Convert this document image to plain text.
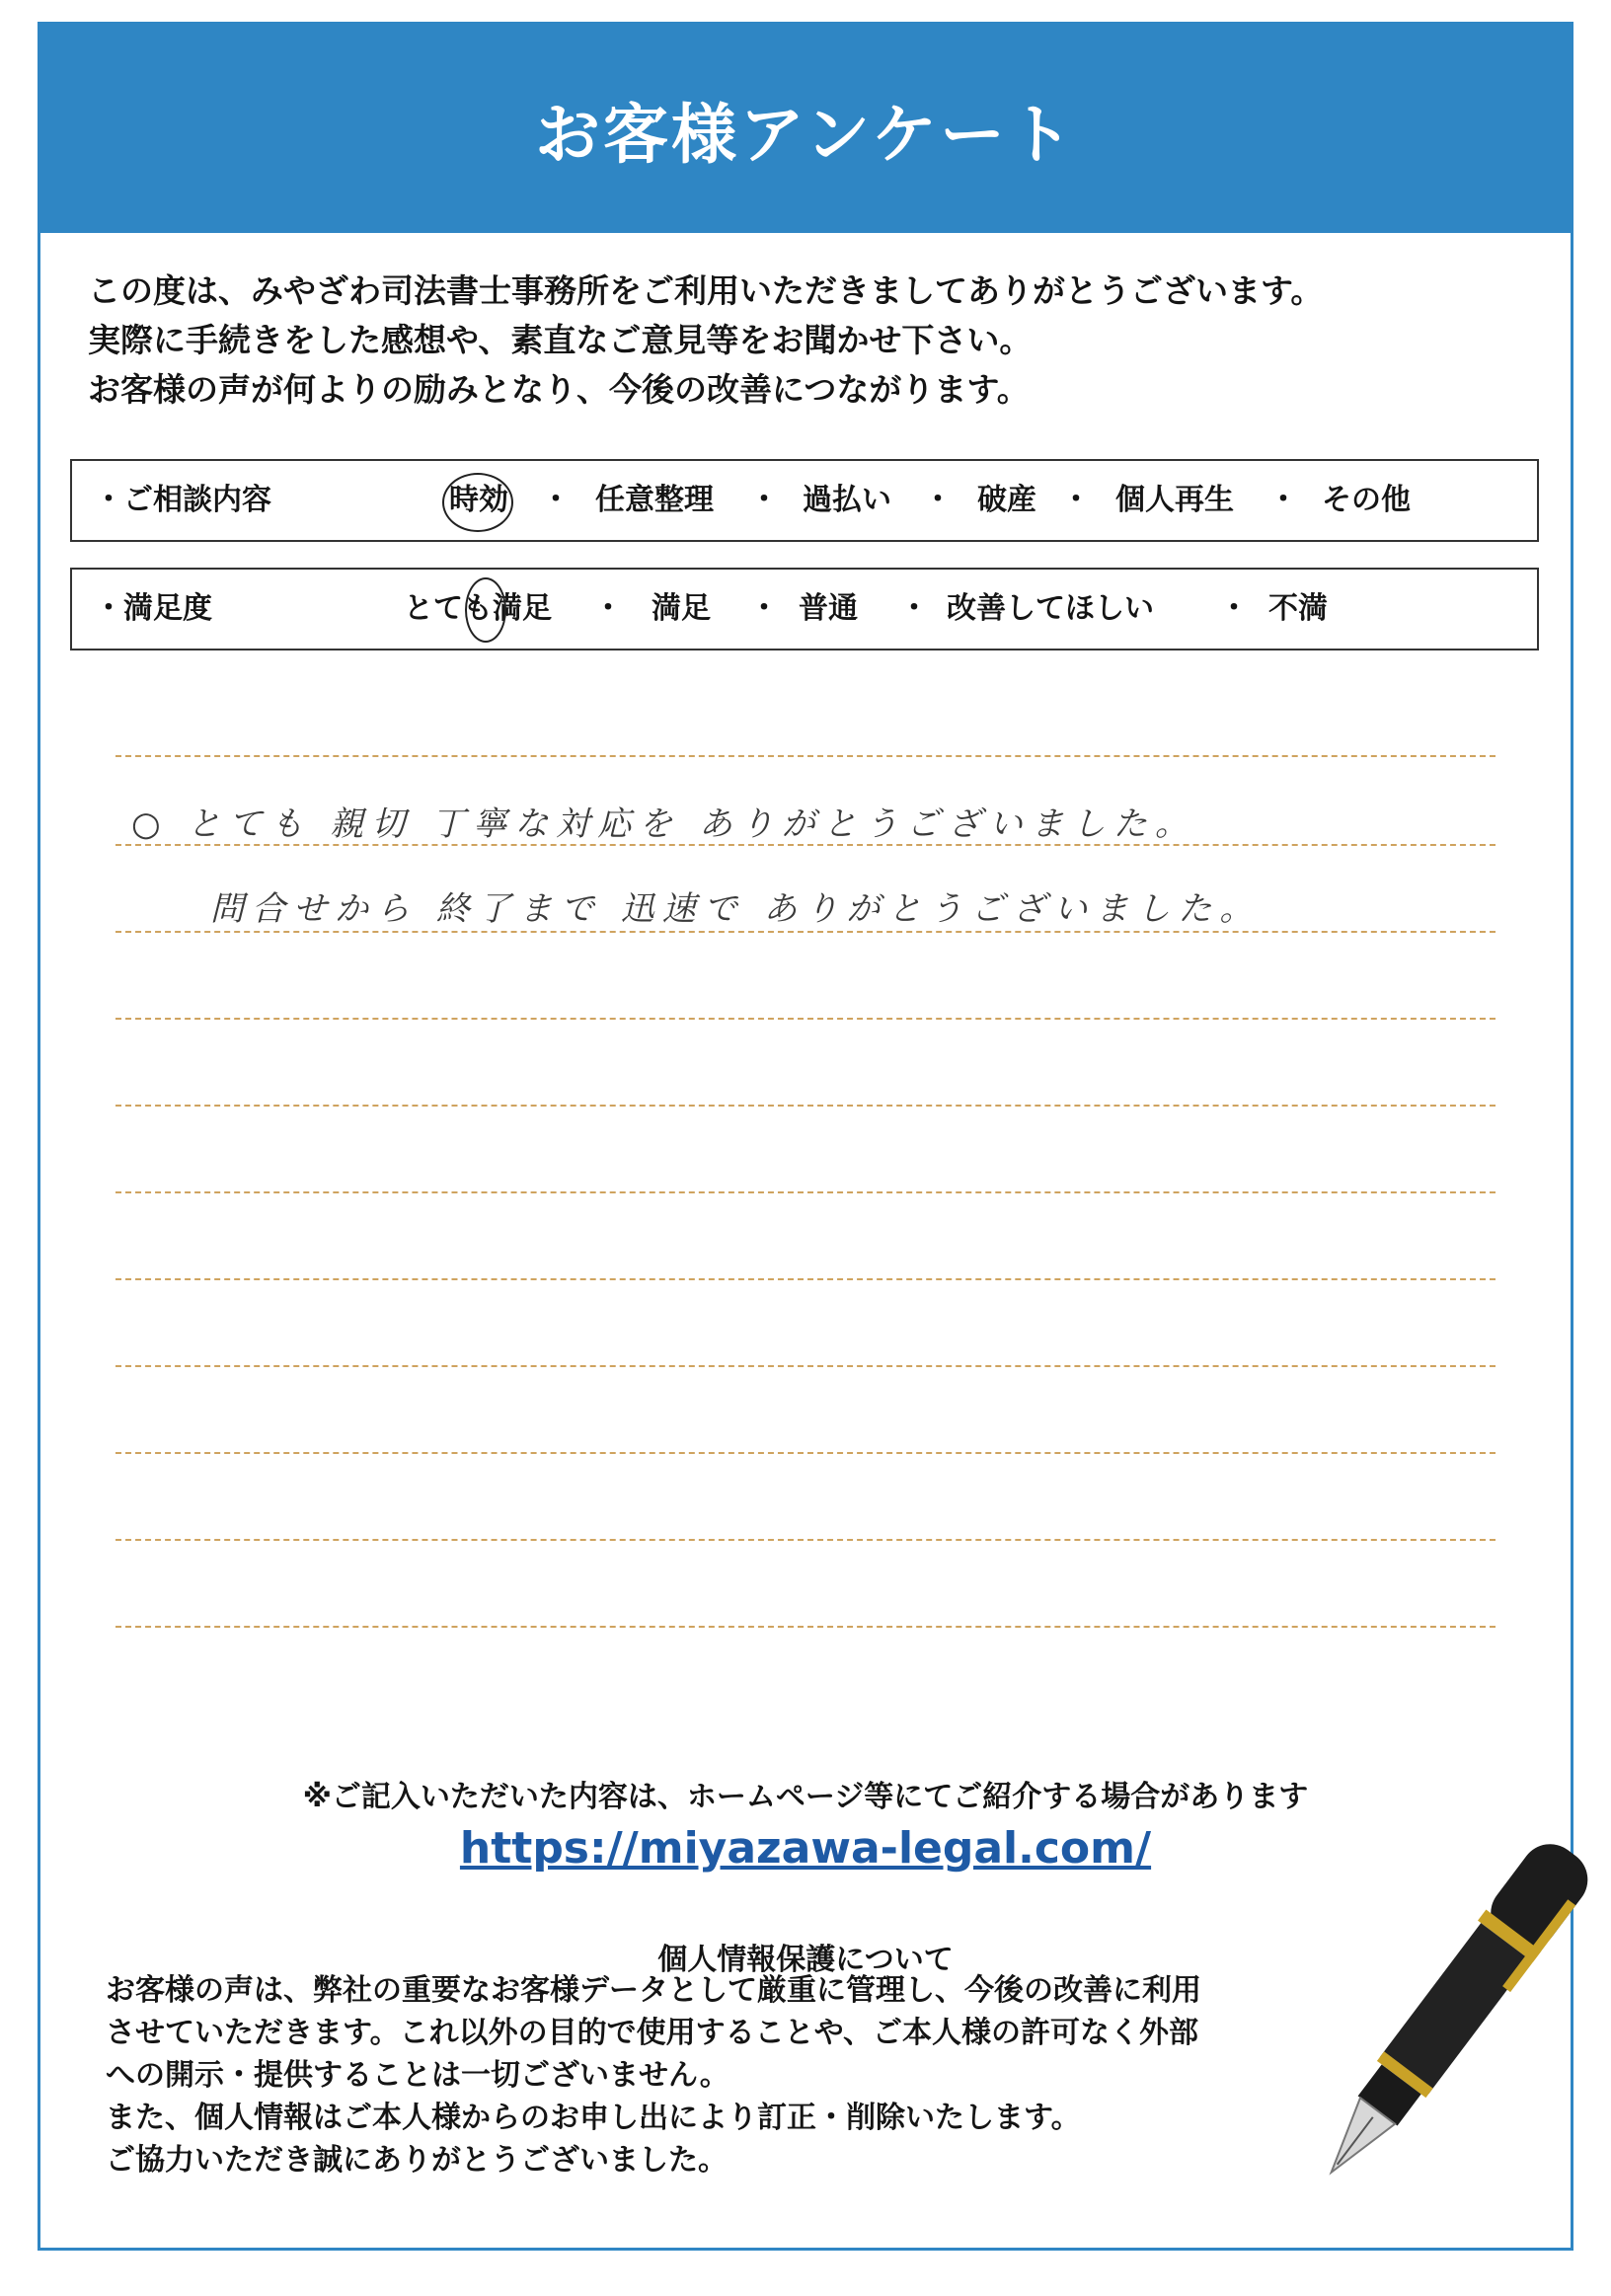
お客様アンケート
この度は、みやざわ司法書士事務所をご利用いただきましてありがとうございます。
実際に手続きをした感想や、素直なご意見等をお聞かせ下さい。
お客様の声が何よりの励みとなり、今後の改善につながります。
・ご相談内容	時効 ・ 任意整理 ・ 過払い ・ 破産 ・ 個人再生 ・ その他
・満足度	とても満足 ・ 満足 ・ 普通 ・ 改善してほしい ・ 不満
○ とても 親切 丁寧な対応を ありがとうございました。
問合せから 終了まで 迅速で ありがとうございました。
※ご記入いただいた内容は、ホームページ等にてご紹介する場合があります
https://miyazawa-legal.com/
個人情報保護について
お客様の声は、弊社の重要なお客様データとして厳重に管理し、今後の改善に利用
させていただきます。これ以外の目的で使用することや、ご本人様の許可なく外部
への開示・提供することは一切ございません。
また、個人情報はご本人様からのお申し出により訂正・削除いたします。
ご協力いただき誠にありがとうございました。
